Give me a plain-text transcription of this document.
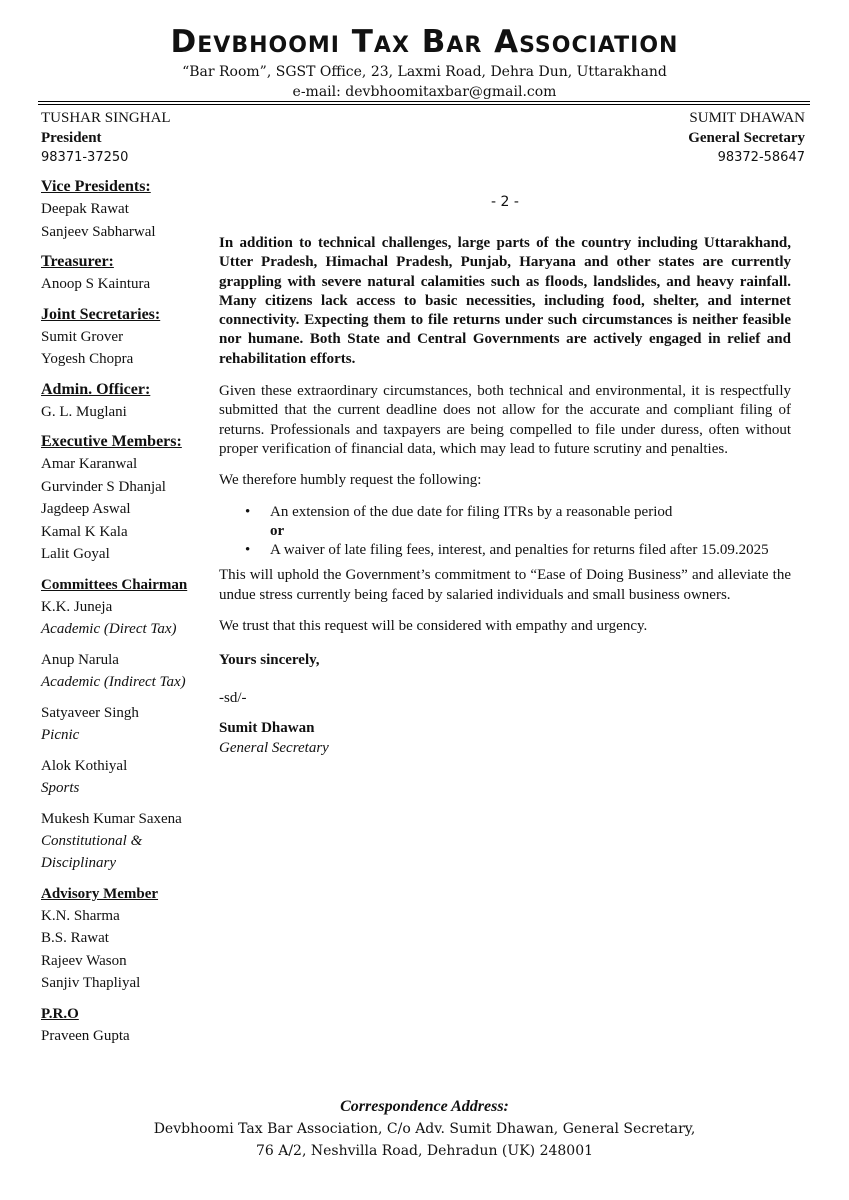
Devbhoomi Tax Bar Association
“Bar Room”, SGST Office, 23, Laxmi Road, Dehra Dun, Uttarakhand
e-mail: devbhoomitaxbar@gmail.com
TUSHAR SINGHAL
President
98371-37250
SUMIT DHAWAN
General Secretary
98372-58647
Vice Presidents:
Deepak Rawat
Sanjeev Sabharwal
Treasurer:
Anoop S Kaintura
Joint Secretaries:
Sumit Grover
Yogesh Chopra
Admin. Officer:
G. L. Muglani
Executive Members:
Amar Karanwal
Gurvinder S Dhanjal
Jagdeep Aswal
Kamal K Kala
Lalit Goyal
Committees Chairman
K.K. Juneja
Academic (Direct Tax)
Anup Narula
Academic (Indirect Tax)
Satyaveer Singh
Picnic
Alok Kothiyal
Sports
Mukesh Kumar Saxena
Constitutional & Disciplinary
Advisory Member
K.N. Sharma
B.S. Rawat
Rajeev Wason
Sanjiv Thapliyal
P.R.O
Praveen Gupta
- 2 -

In addition to technical challenges, large parts of the country including Uttarakhand, Utter Pradesh, Himachal Pradesh, Punjab, Haryana and other states are currently grappling with severe natural calamities such as floods, landslides, and heavy rainfall. Many citizens lack access to basic necessities, including food, shelter, and internet connectivity. Expecting them to file returns under such circumstances is neither feasible nor humane. Both State and Central Governments are actively engaged in relief and rehabilitation efforts.

Given these extraordinary circumstances, both technical and environmental, it is respectfully submitted that the current deadline does not allow for the accurate and compliant filing of returns. Professionals and taxpayers are being compelled to file under duress, often without proper verification of financial data, which may lead to future scrutiny and penalties.

We therefore humbly request the following:

• An extension of the due date for filing ITRs by a reasonable period
or
• A waiver of late filing fees, interest, and penalties for returns filed after 15.09.2025

This will uphold the Government’s commitment to “Ease of Doing Business” and alleviate the undue stress currently being faced by salaried individuals and small business owners.

We trust that this request will be considered with empathy and urgency.

Yours sincerely,
-sd/-
Sumit Dhawan
General Secretary
Correspondence Address:
Devbhoomi Tax Bar Association, C/o Adv. Sumit Dhawan, General Secretary,
76 A/2, Neshvilla Road, Dehradun (UK) 248001
